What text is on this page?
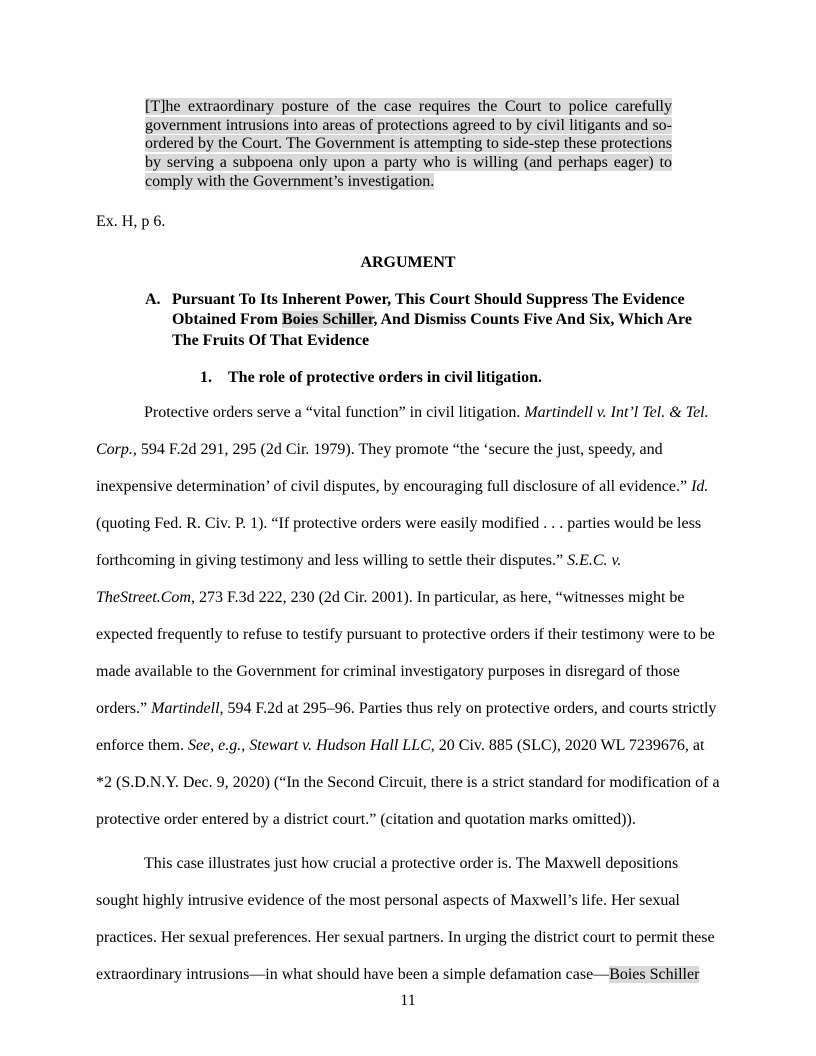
[T]he extraordinary posture of the case requires the Court to police carefully government intrusions into areas of protections agreed to by civil litigants and so-ordered by the Court. The Government is attempting to side-step these protections by serving a subpoena only upon a party who is willing (and perhaps eager) to comply with the Government’s investigation.

Ex. H, p 6.

ARGUMENT
A. Pursuant To Its Inherent Power, This Court Should Suppress The Evidence Obtained From Boies Schiller, And Dismiss Counts Five And Six, Which Are The Fruits Of That Evidence
1.	The role of protective orders in civil litigation.

Protective orders serve a “vital function” in civil litigation. Martindell v. Int’l Tel. & Tel. Corp., 594 F.2d 291, 295 (2d Cir. 1979). They promote “the ‘secure the just, speedy, and inexpensive determination’ of civil disputes, by encouraging full disclosure of all evidence.” Id. (quoting Fed. R. Civ. P. 1). “If protective orders were easily modified . . . parties would be less forthcoming in giving testimony and less willing to settle their disputes.” S.E.C. v. TheStreet.Com, 273 F.3d 222, 230 (2d Cir. 2001). In particular, as here, “witnesses might be expected frequently to refuse to testify pursuant to protective orders if their testimony were to be made available to the Government for criminal investigatory purposes in disregard of those orders.” Martindell, 594 F.2d at 295–96. Parties thus rely on protective orders, and courts strictly enforce them. See, e.g., Stewart v. Hudson Hall LLC, 20 Civ. 885 (SLC), 2020 WL 7239676, at *2 (S.D.N.Y. Dec. 9, 2020) (“In the Second Circuit, there is a strict standard for modification of a protective order entered by a district court.” (citation and quotation marks omitted)).

This case illustrates just how crucial a protective order is. The Maxwell depositions sought highly intrusive evidence of the most personal aspects of Maxwell’s life. Her sexual practices. Her sexual preferences. Her sexual partners. In urging the district court to permit these extraordinary intrusions—in what should have been a simple defamation case—Boies Schiller

11
